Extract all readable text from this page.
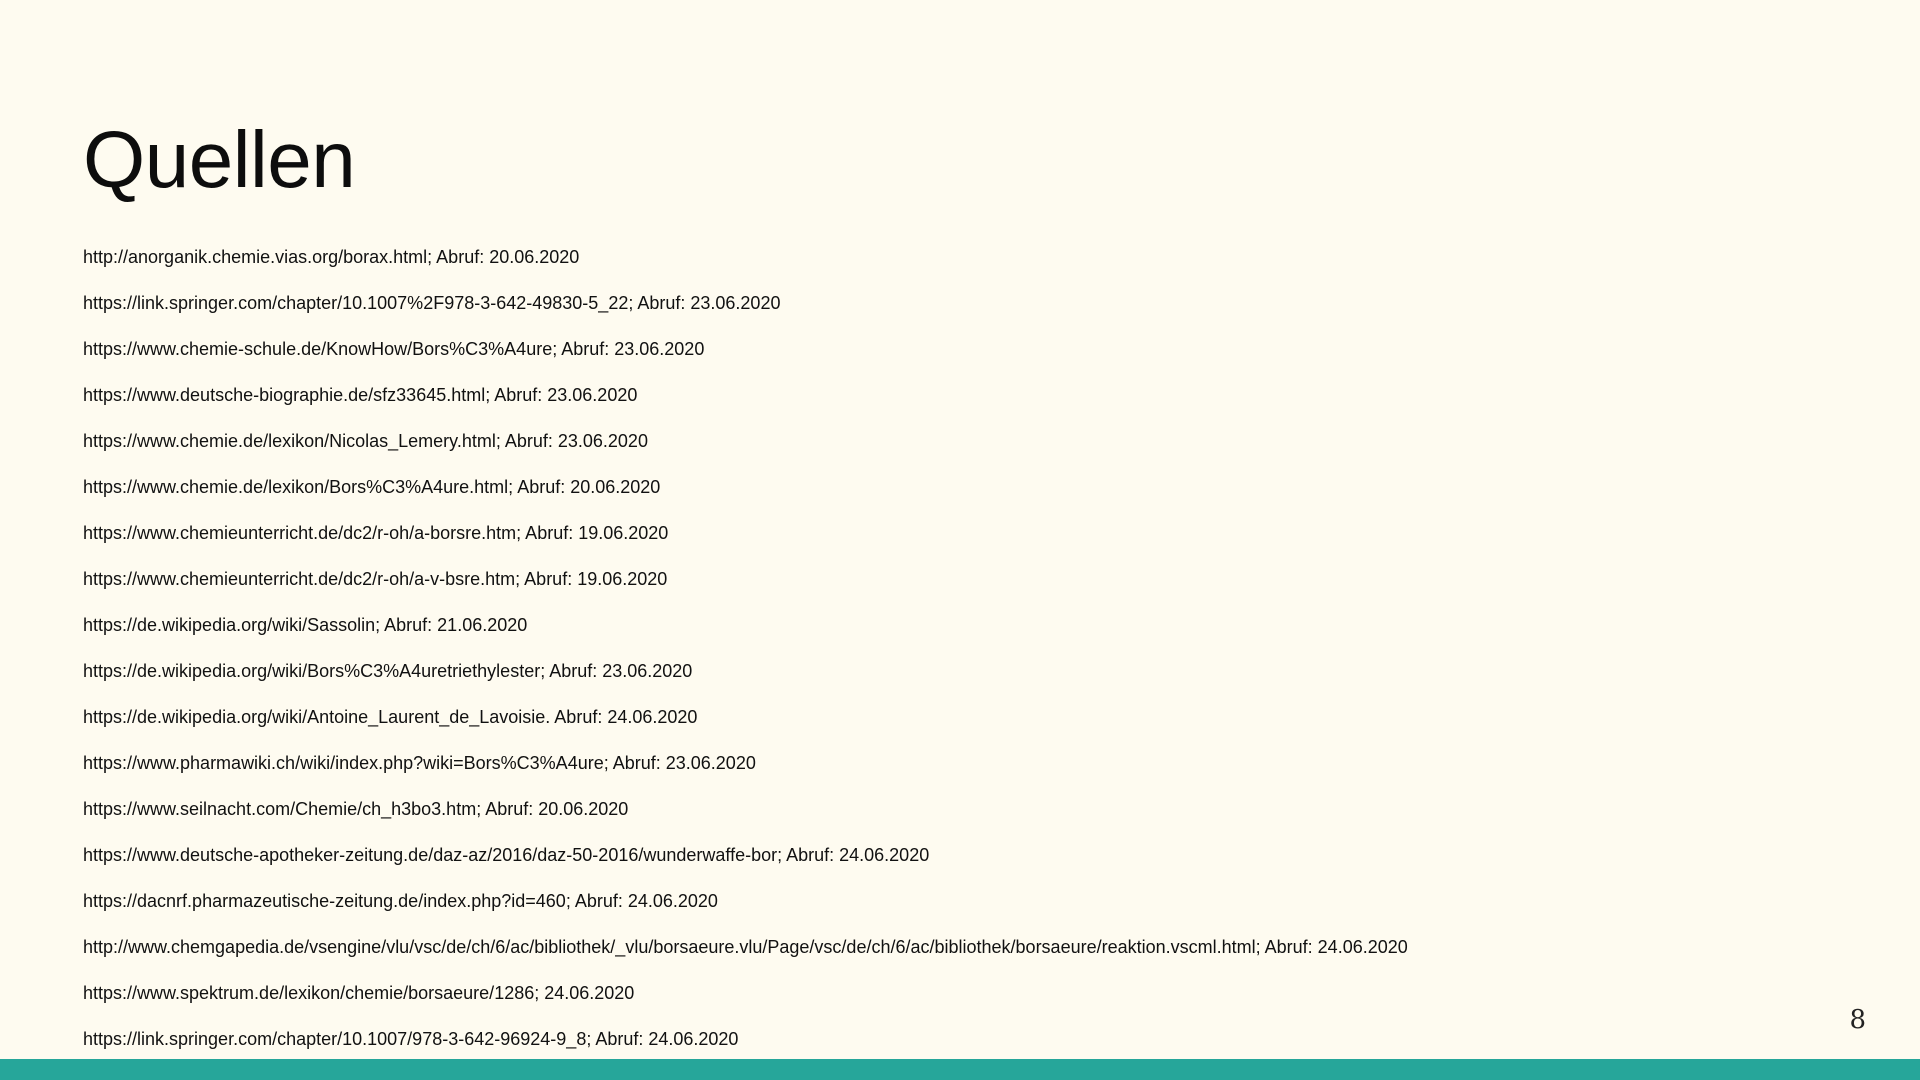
Quellen
http://anorganik.chemie.vias.org/borax.html; Abruf: 20.06.2020
https://link.springer.com/chapter/10.1007%2F978-3-642-49830-5_22; Abruf: 23.06.2020
https://www.chemie-schule.de/KnowHow/Bors%C3%A4ure; Abruf: 23.06.2020
https://www.deutsche-biographie.de/sfz33645.html; Abruf: 23.06.2020
https://www.chemie.de/lexikon/Nicolas_Lemery.html; Abruf: 23.06.2020
https://www.chemie.de/lexikon/Bors%C3%A4ure.html; Abruf: 20.06.2020
https://www.chemieunterricht.de/dc2/r-oh/a-borsre.htm; Abruf: 19.06.2020
https://www.chemieunterricht.de/dc2/r-oh/a-v-bsre.htm; Abruf: 19.06.2020
https://de.wikipedia.org/wiki/Sassolin; Abruf: 21.06.2020
https://de.wikipedia.org/wiki/Bors%C3%A4uretriethylester; Abruf: 23.06.2020
https://de.wikipedia.org/wiki/Antoine_Laurent_de_Lavoisie. Abruf: 24.06.2020
https://www.pharmawiki.ch/wiki/index.php?wiki=Bors%C3%A4ure; Abruf: 23.06.2020
https://www.seilnacht.com/Chemie/ch_h3bo3.htm; Abruf: 20.06.2020
https://www.deutsche-apotheker-zeitung.de/daz-az/2016/daz-50-2016/wunderwaffe-bor; Abruf: 24.06.2020
https://dacnrf.pharmazeutische-zeitung.de/index.php?id=460; Abruf: 24.06.2020
http://www.chemgapedia.de/vsengine/vlu/vsc/de/ch/6/ac/bibliothek/_vlu/borsaeure.vlu/Page/vsc/de/ch/6/ac/bibliothek/borsaeure/reaktion.vscml.html; Abruf: 24.06.2020
https://www.spektrum.de/lexikon/chemie/borsaeure/1286; 24.06.2020
https://link.springer.com/chapter/10.1007/978-3-642-96924-9_8; Abruf: 24.06.2020
8
